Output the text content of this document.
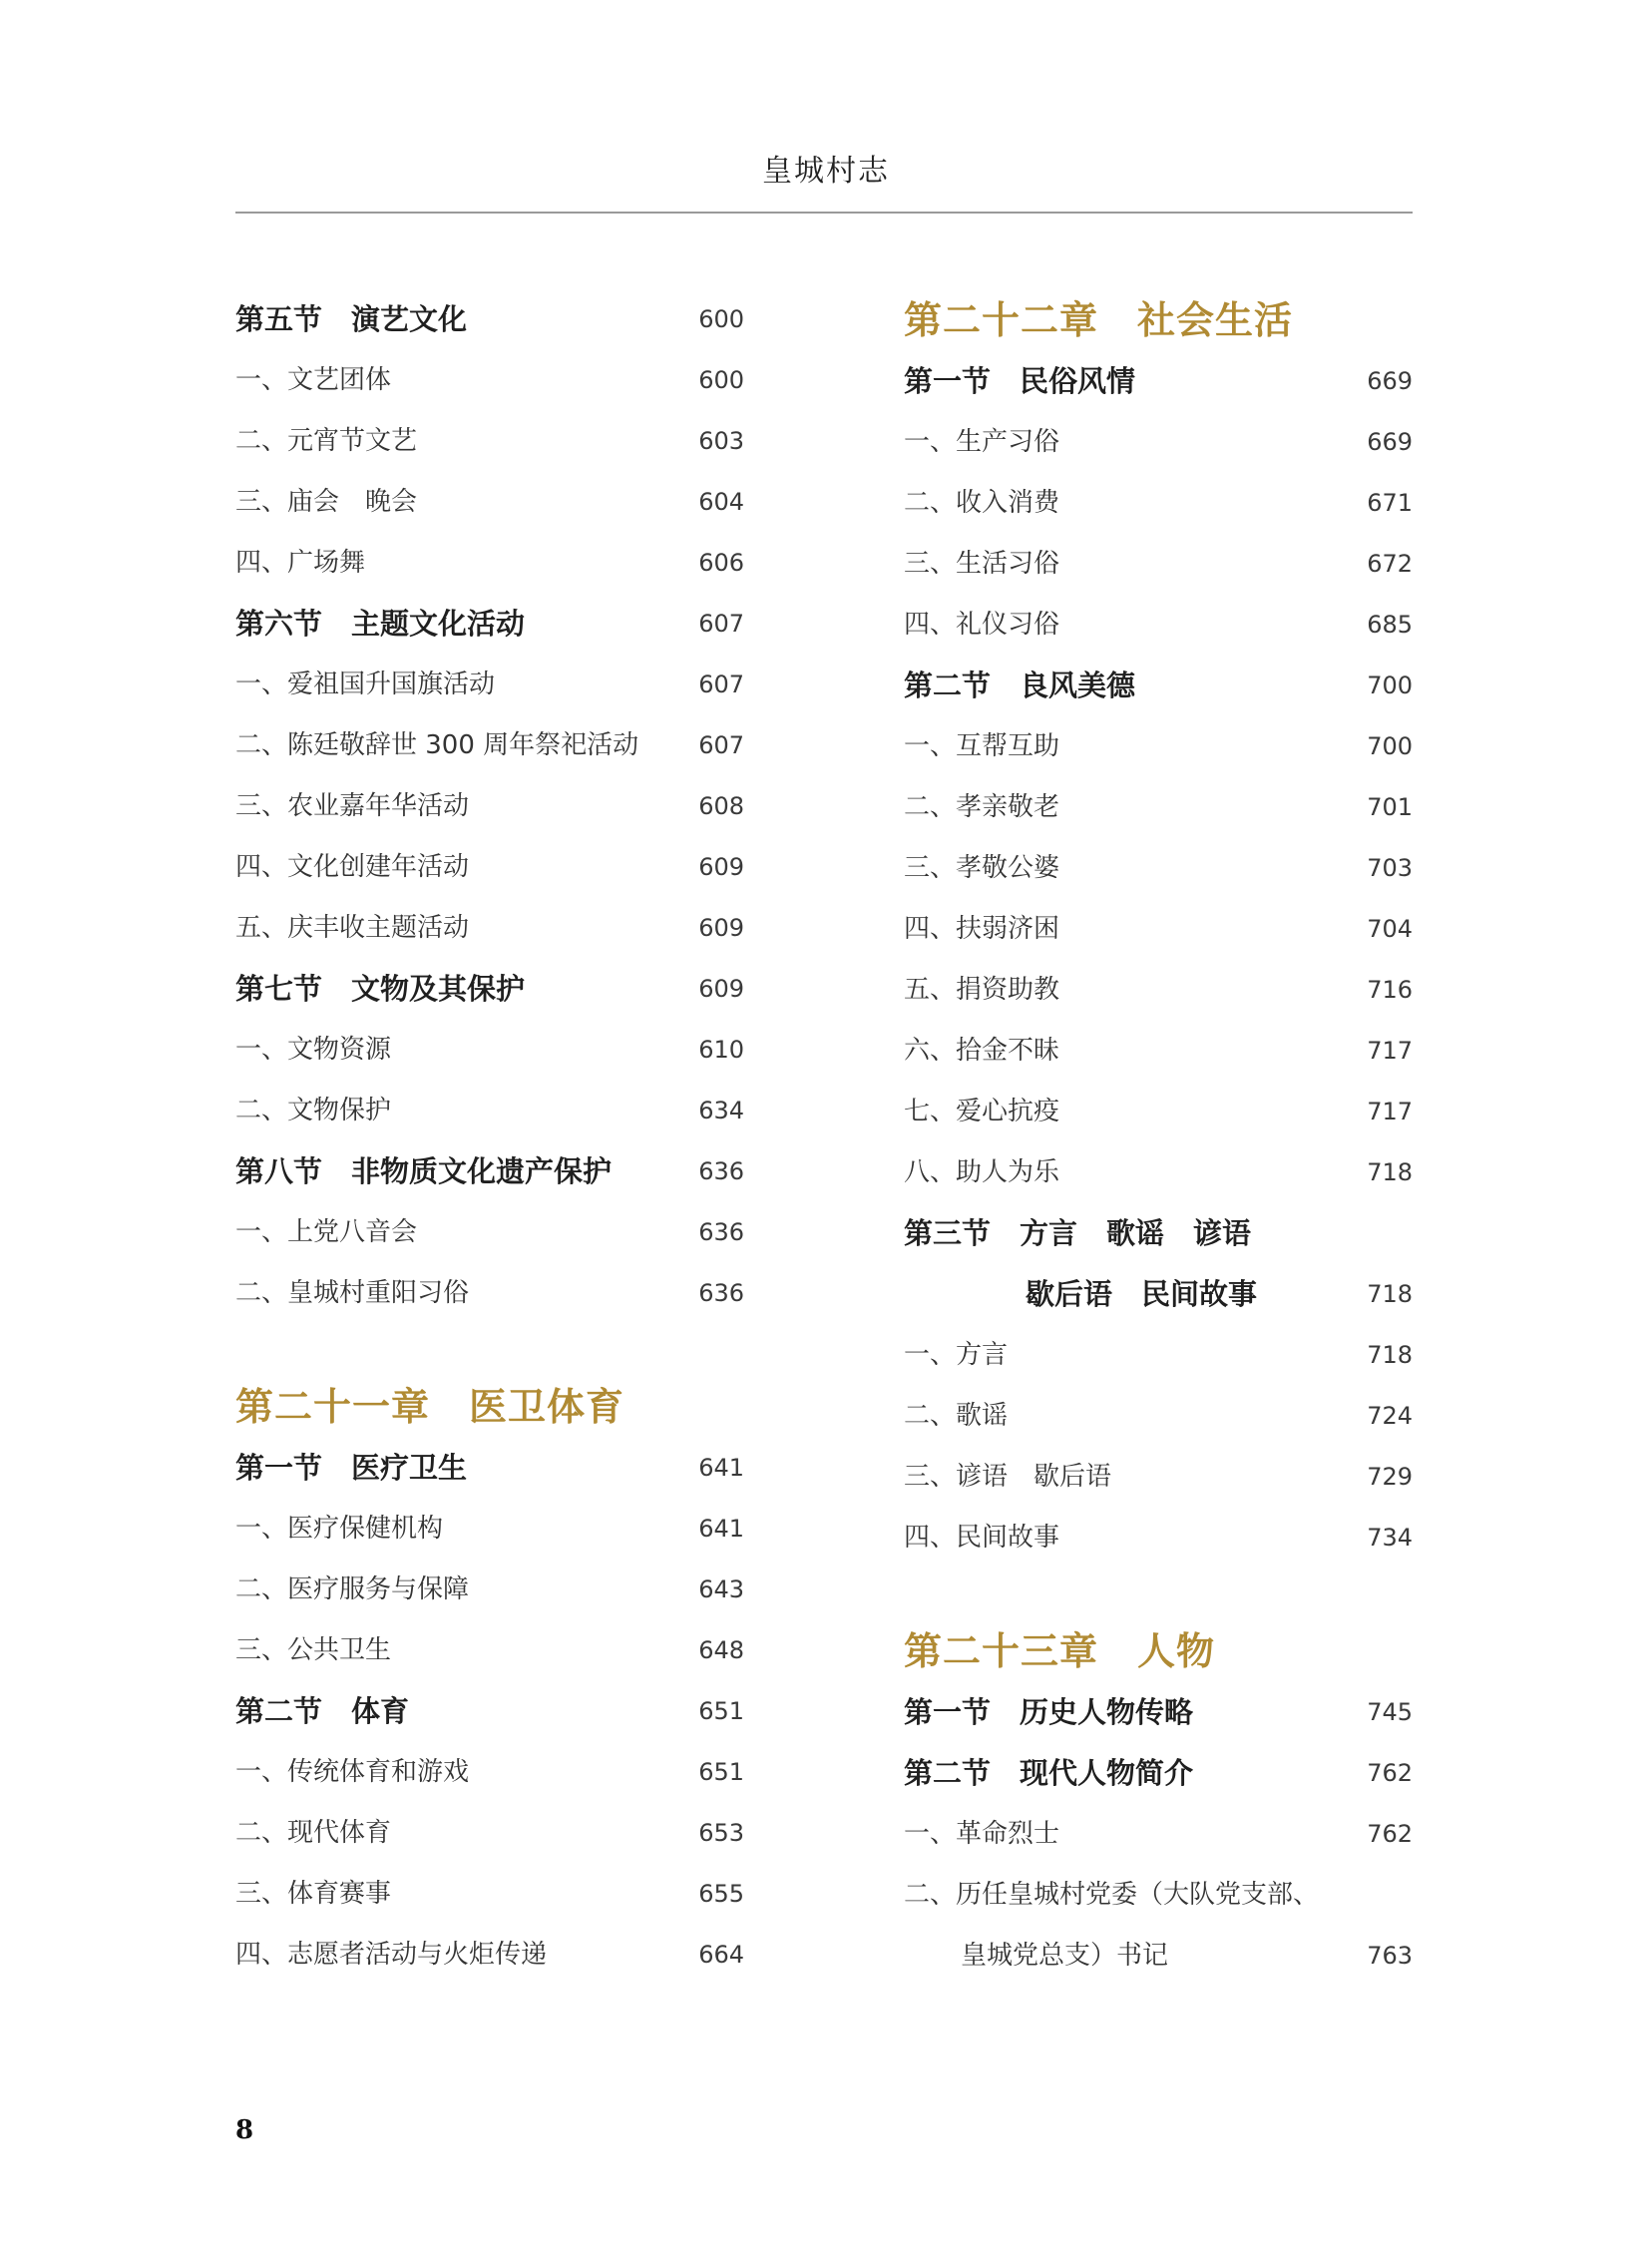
皇城村志
第五节　演艺文化	600
一、文艺团体	600
二、元宵节文艺	603
三、庙会　晚会	604
四、广场舞	606
第六节　主题文化活动	607
一、爱祖国升国旗活动	607
二、陈廷敬辞世 300 周年祭祀活动	607
三、农业嘉年华活动	608
四、文化创建年活动	609
五、庆丰收主题活动	609
第七节　文物及其保护	609
一、文物资源	610
二、文物保护	634
第八节　非物质文化遗产保护	636
一、上党八音会	636
二、皇城村重阳习俗	636
第二十一章　医卫体育
第一节　医疗卫生	641
一、医疗保健机构	641
二、医疗服务与保障	643
三、公共卫生	648
第二节　体育	651
一、传统体育和游戏	651
二、现代体育	653
三、体育赛事	655
四、志愿者活动与火炬传递	664
第二十二章　社会生活
第一节　民俗风情	669
一、生产习俗	669
二、收入消费	671
三、生活习俗	672
四、礼仪习俗	685
第二节　良风美德	700
一、互帮互助	700
二、孝亲敬老	701
三、孝敬公婆	703
四、扶弱济困	704
五、捐资助教	716
六、拾金不昧	717
七、爱心抗疫	717
八、助人为乐	718
第三节　方言　歌谣　谚语
歇后语　民间故事	718
一、方言	718
二、歌谣	724
三、谚语　歇后语	729
四、民间故事	734
第二十三章　人物
第一节　历史人物传略	745
第二节　现代人物简介	762
一、革命烈士	762
二、历任皇城村党委（大队党支部、
皇城党总支）书记	763
8
